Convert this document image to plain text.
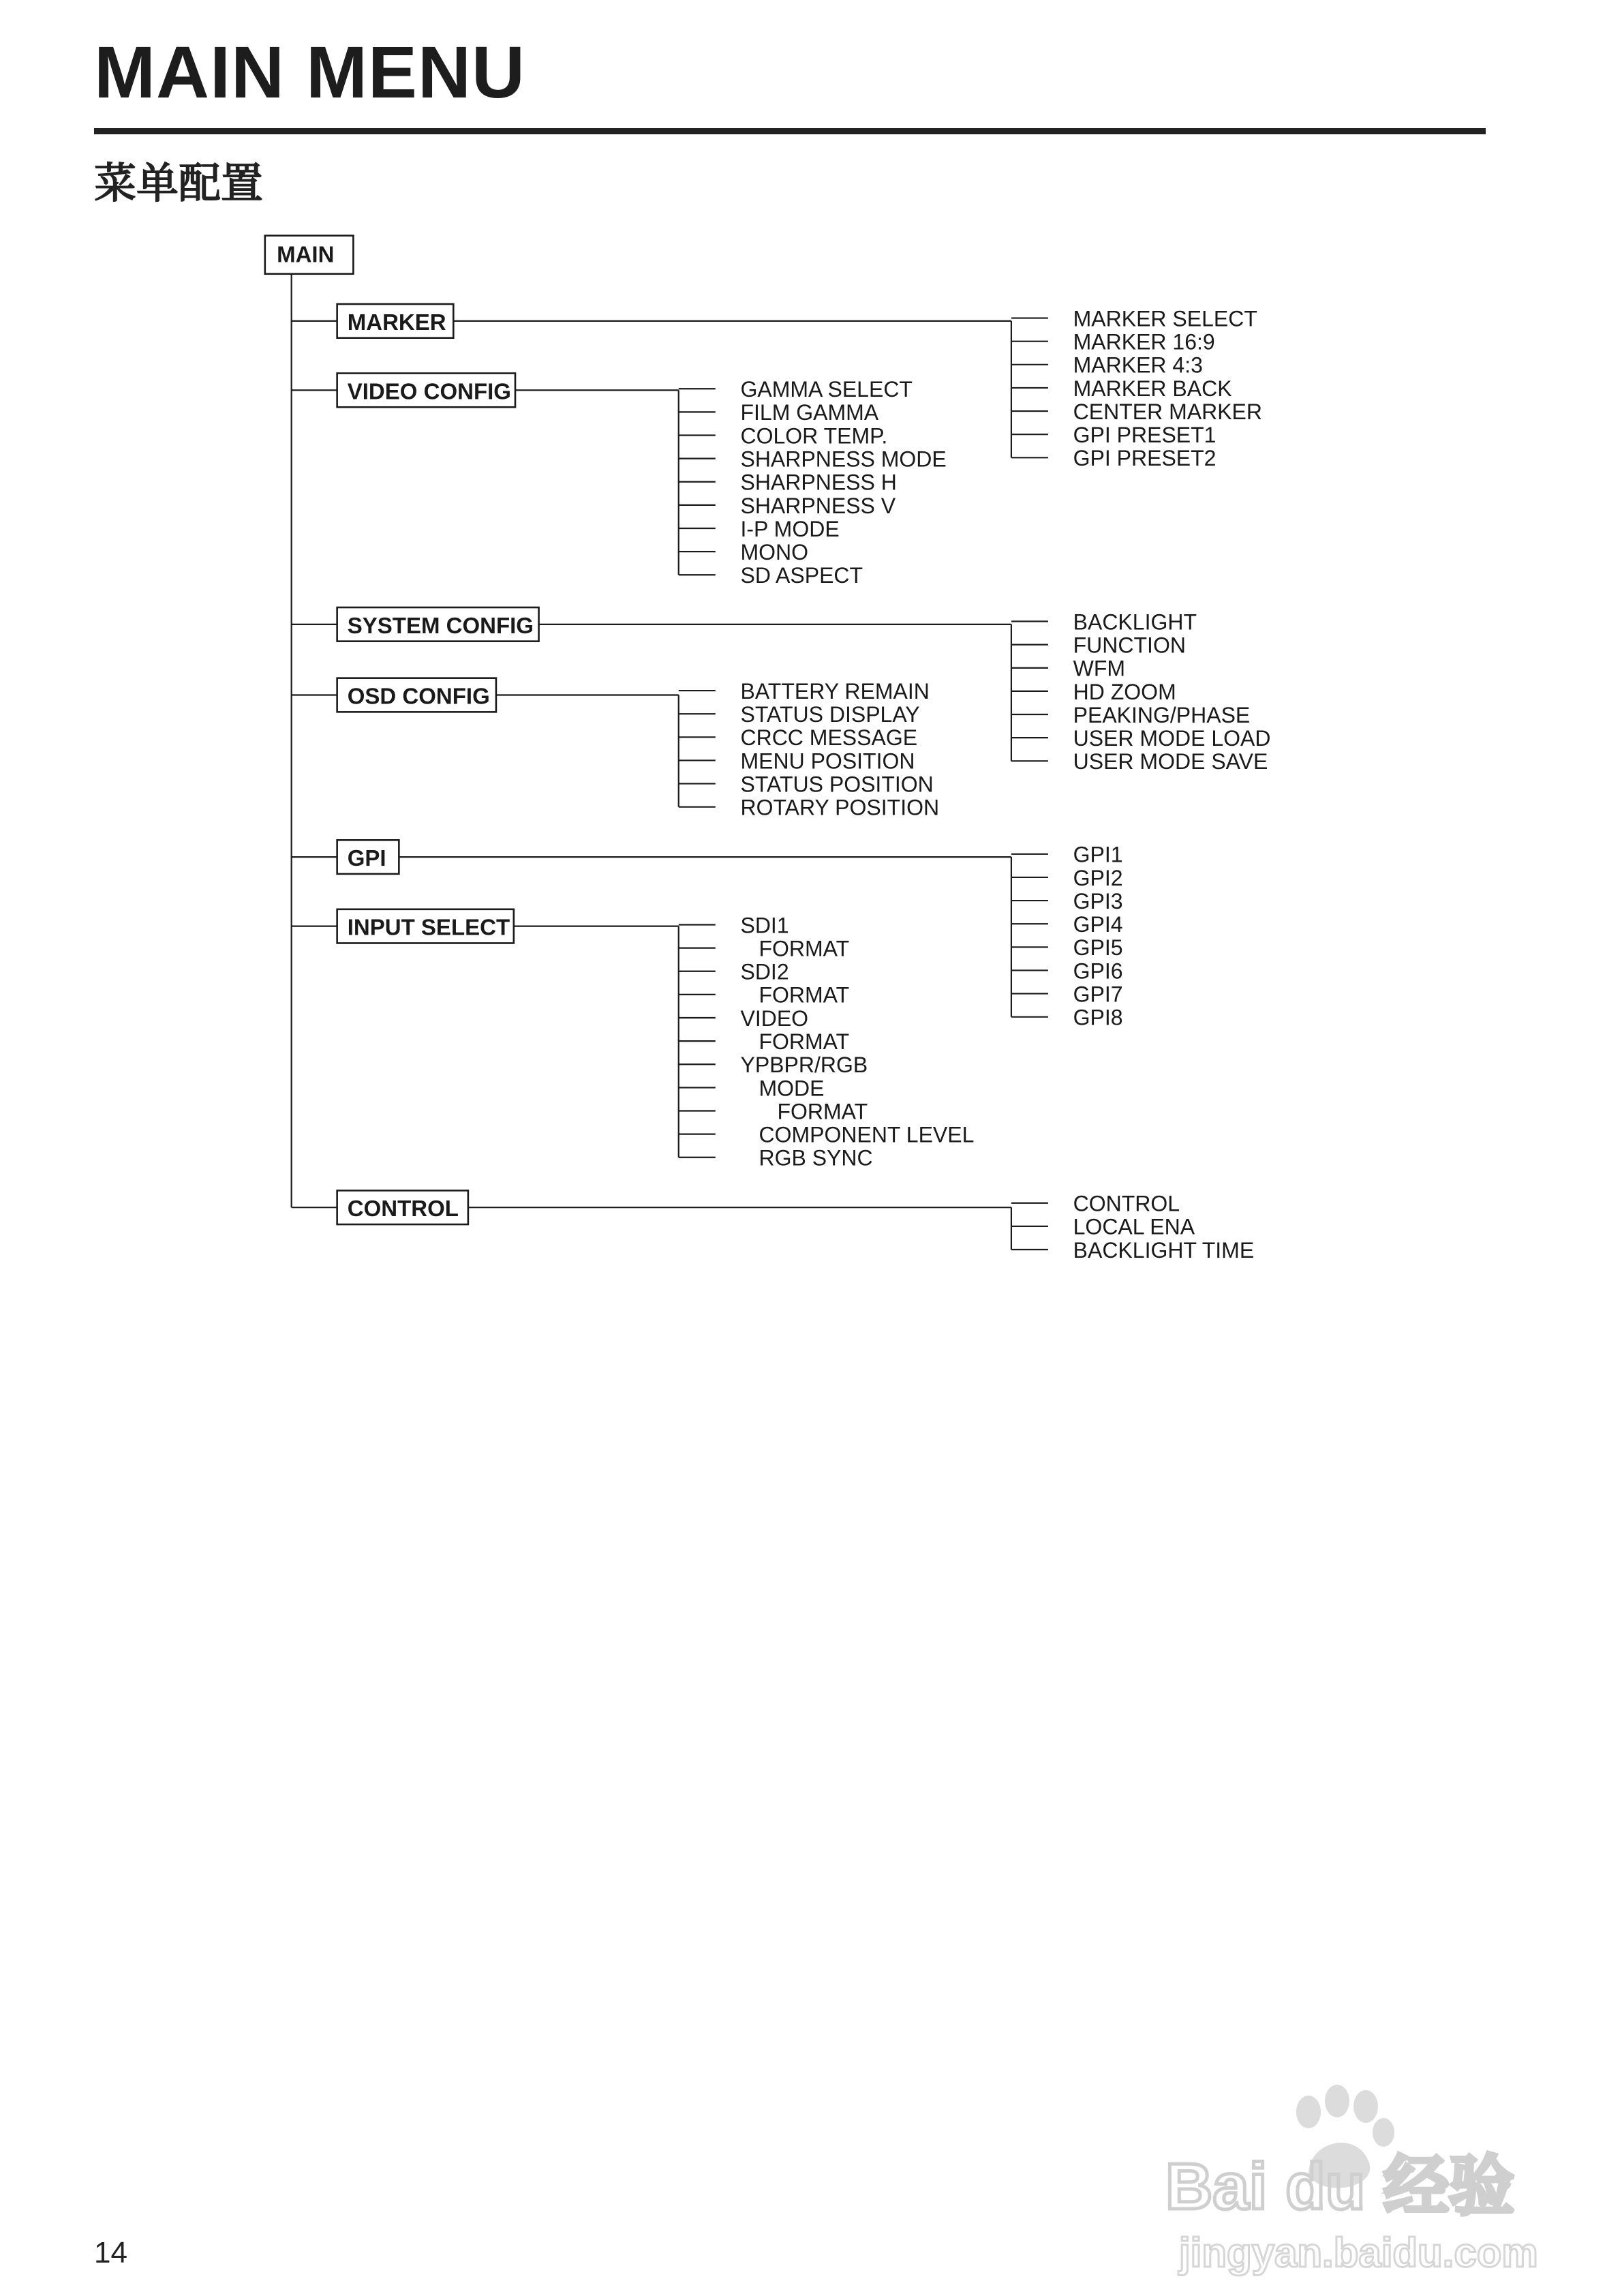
MAIN MENU
菜单配置
MAIN
MARKER	MARKER SELECT
MARKER 16:9
MARKER 4:3
MARKER BACK
CENTER MARKER
GPI PRESET1
GPI PRESET2
VIDEO CONFIG	GAMMA SELECT
FILM GAMMA
COLOR TEMP.
SHARPNESS MODE
SHARPNESS H
SHARPNESS V
I-P MODE
MONO
SD ASPECT
SYSTEM CONFIG	BACKLIGHT
FUNCTION
WFM
HD ZOOM
PEAKING/PHASE
USER MODE LOAD
USER MODE SAVE
OSD CONFIG	BATTERY REMAIN
STATUS DISPLAY
CRCC MESSAGE
MENU POSITION
STATUS POSITION
ROTARY POSITION
GPI	GPI1
GPI2
GPI3
GPI4
GPI5
GPI6
GPI7
GPI8
INPUT SELECT	SDI1
FORMAT
SDI2
FORMAT
VIDEO
FORMAT
YPBPR/RGB
MODE
FORMAT
COMPONENT LEVEL
RGB SYNC
CONTROL	CONTROL
LOCAL ENA
BACKLIGHT TIME
14
Bai du 经验
jingyan.baidu.com
